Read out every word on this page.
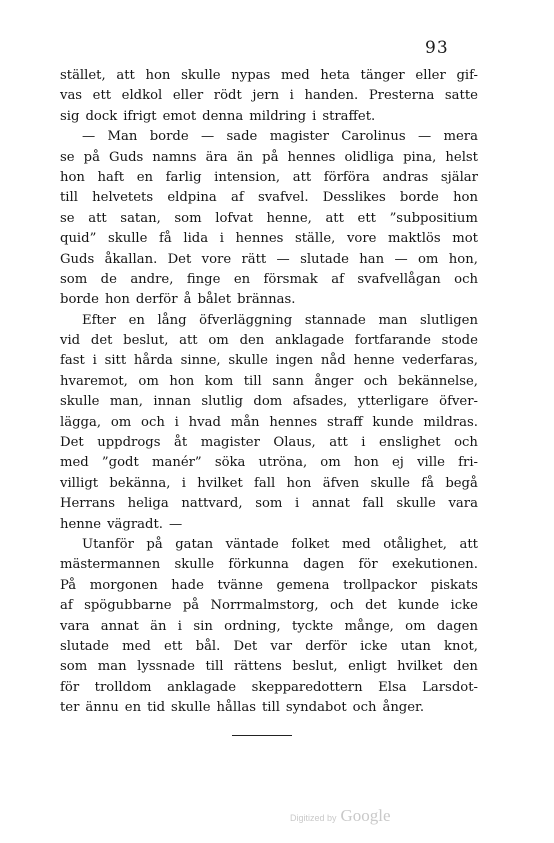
93
stället, att hon skulle nypas med heta tänger eller gif-
vas ett eldkol eller rödt jern i handen. Presterna satte
sig dock ifrigt emot denna mildring i straffet.
— Man borde — sade magister Carolinus — mera
se på Guds namns ära än på hennes olidliga pina, helst
hon haft en farlig intension, att förföra andras själar
till helvetets eldpina af svafvel. Desslikes borde hon
se att satan, som lofvat henne, att ett ”subpositium
quid” skulle få lida i hennes ställe, vore maktlös mot
Guds åkallan. Det vore rätt — slutade han — om hon,
som de andre, finge en försmak af svafvellågan och
borde hon derför å bålet brännas.
Efter en lång öfverläggning stannade man slutligen
vid det beslut, att om den anklagade fortfarande stode
fast i sitt hårda sinne, skulle ingen nåd henne vederfaras,
hvaremot, om hon kom till sann ånger och bekännelse,
skulle man, innan slutlig dom afsades, ytterligare öfver-
lägga, om och i hvad mån hennes straff kunde mildras.
Det uppdrogs åt magister Olaus, att i enslighet och
med ”godt manér” söka utröna, om hon ej ville fri-
villigt bekänna, i hvilket fall hon äfven skulle få begå
Herrans heliga nattvard, som i annat fall skulle vara
henne vägradt. —
Utanför på gatan väntade folket med otålighet, att
mästermannen skulle förkunna dagen för exekutionen.
På morgonen hade tvänne gemena trollpackor piskats
af spögubbarne på Norrmalmstorg, och det kunde icke
vara annat än i sin ordning, tyckte månge, om dagen
slutade med ett bål. Det var derför icke utan knot,
som man lyssnade till rättens beslut, enligt hvilket den
för trolldom anklagade skepparedottern Elsa Larsdot-
ter ännu en tid skulle hållas till syndabot och ånger.
Digitized by Google
